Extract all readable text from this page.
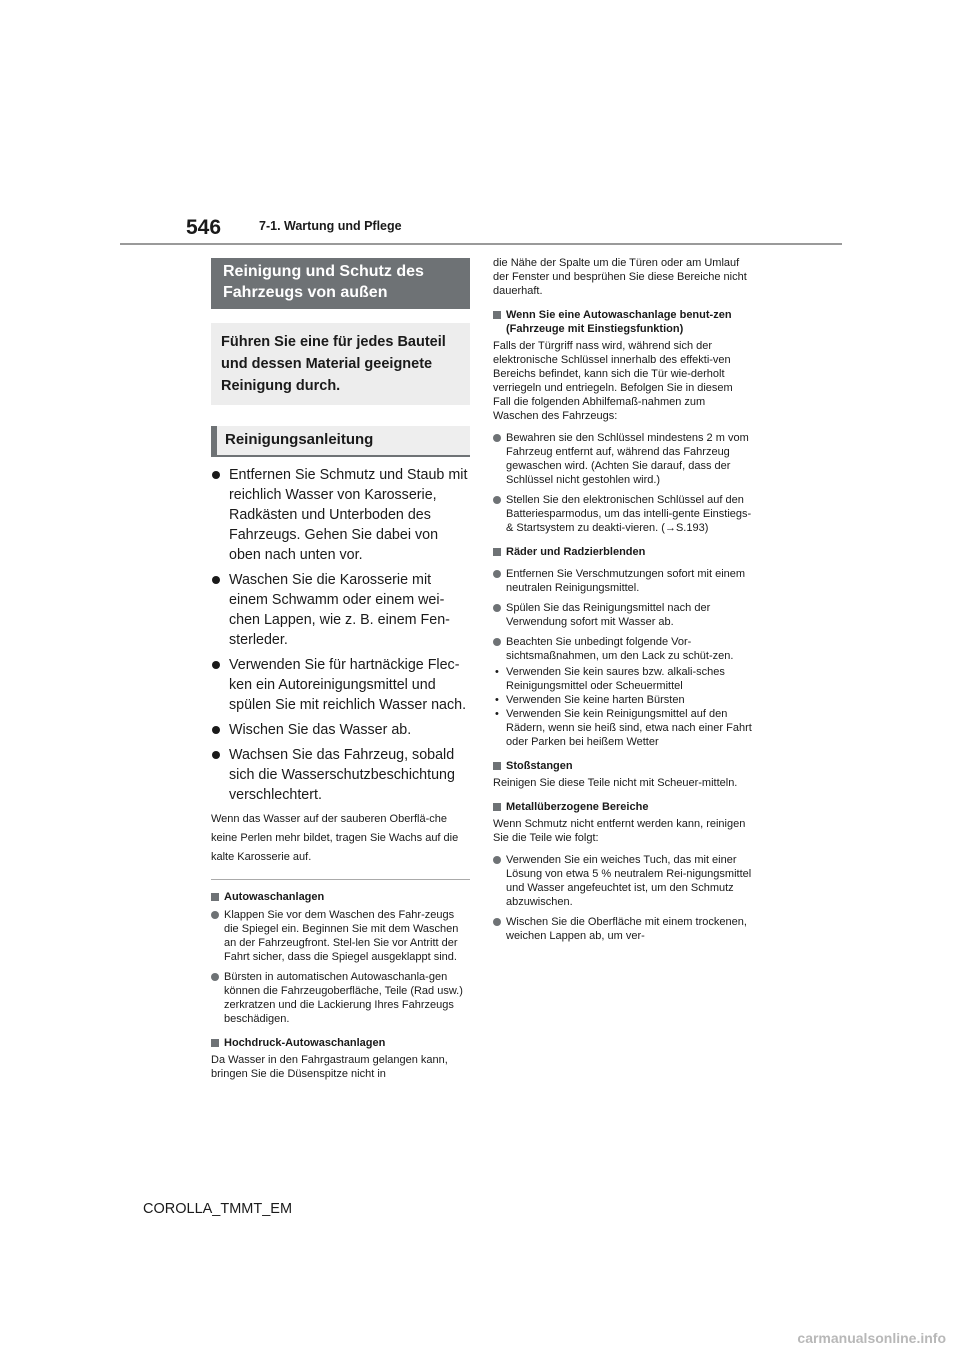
546	7-1. Wartung und Pflege
Reinigung und Schutz des Fahrzeugs von außen
Führen Sie eine für jedes Bauteil und dessen Material geeignete Reinigung durch.
Reinigungsanleitung
Entfernen Sie Schmutz und Staub mit reichlich Wasser von Karosserie, Radkästen und Unterboden des Fahrzeugs. Gehen Sie dabei von oben nach unten vor.
Waschen Sie die Karosserie mit einem Schwamm oder einem wei-chen Lappen, wie z. B. einem Fen-sterleder.
Verwenden Sie für hartnäckige Flec-ken ein Autoreinigungsmittel und spülen Sie mit reichlich Wasser nach.
Wischen Sie das Wasser ab.
Wachsen Sie das Fahrzeug, sobald sich die Wasserschutzbeschichtung verschlechtert.
Wenn das Wasser auf der sauberen Oberflä-che keine Perlen mehr bildet, tragen Sie Wachs auf die kalte Karosserie auf.
Autowaschanlagen
Klappen Sie vor dem Waschen des Fahr-zeugs die Spiegel ein. Beginnen Sie mit dem Waschen an der Fahrzeugfront. Stel-len Sie vor Antritt der Fahrt sicher, dass die Spiegel ausgeklappt sind.
Bürsten in automatischen Autowaschanla-gen können die Fahrzeugoberfläche, Teile (Rad usw.) zerkratzen und die Lackierung Ihres Fahrzeugs beschädigen.
Hochdruck-Autowaschanlagen
Da Wasser in den Fahrgastraum gelangen kann, bringen Sie die Düsenspitze nicht in
die Nähe der Spalte um die Türen oder am Umlauf der Fenster und besprühen Sie diese Bereiche nicht dauerhaft.
Wenn Sie eine Autowaschanlage benut-zen (Fahrzeuge mit Einstiegsfunktion)
Falls der Türgriff nass wird, während sich der elektronische Schlüssel innerhalb des effekti-ven Bereichs befindet, kann sich die Tür wie-derholt verriegeln und entriegeln. Befolgen Sie in diesem Fall die folgenden Abhilfemaß-nahmen zum Waschen des Fahrzeugs:
Bewahren sie den Schlüssel mindestens 2 m vom Fahrzeug entfernt auf, während das Fahrzeug gewaschen wird. (Achten Sie darauf, dass der Schlüssel nicht gestohlen wird.)
Stellen Sie den elektronischen Schlüssel auf den Batteriesparmodus, um das intelli-gente Einstiegs- & Startsystem zu deakti-vieren. (→S.193)
Räder und Radzierblenden
Entfernen Sie Verschmutzungen sofort mit einem neutralen Reinigungsmittel.
Spülen Sie das Reinigungsmittel nach der Verwendung sofort mit Wasser ab.
Beachten Sie unbedingt folgende Vor-sichtsmaßnahmen, um den Lack zu schüt-zen.
• Verwenden Sie kein saures bzw. alkali-sches Reinigungsmittel oder Scheuermittel
• Verwenden Sie keine harten Bürsten
• Verwenden Sie kein Reinigungsmittel auf den Rädern, wenn sie heiß sind, etwa nach einer Fahrt oder Parken bei heißem Wetter
Stoßstangen
Reinigen Sie diese Teile nicht mit Scheuer-mitteln.
Metallüberzogene Bereiche
Wenn Schmutz nicht entfernt werden kann, reinigen Sie die Teile wie folgt:
Verwenden Sie ein weiches Tuch, das mit einer Lösung von etwa 5 % neutralem Rei-nigungsmittel und Wasser angefeuchtet ist, um den Schmutz abzuwischen.
Wischen Sie die Oberfläche mit einem trockenen, weichen Lappen ab, um ver-
COROLLA_TMMT_EM
carmanualsonline.info
